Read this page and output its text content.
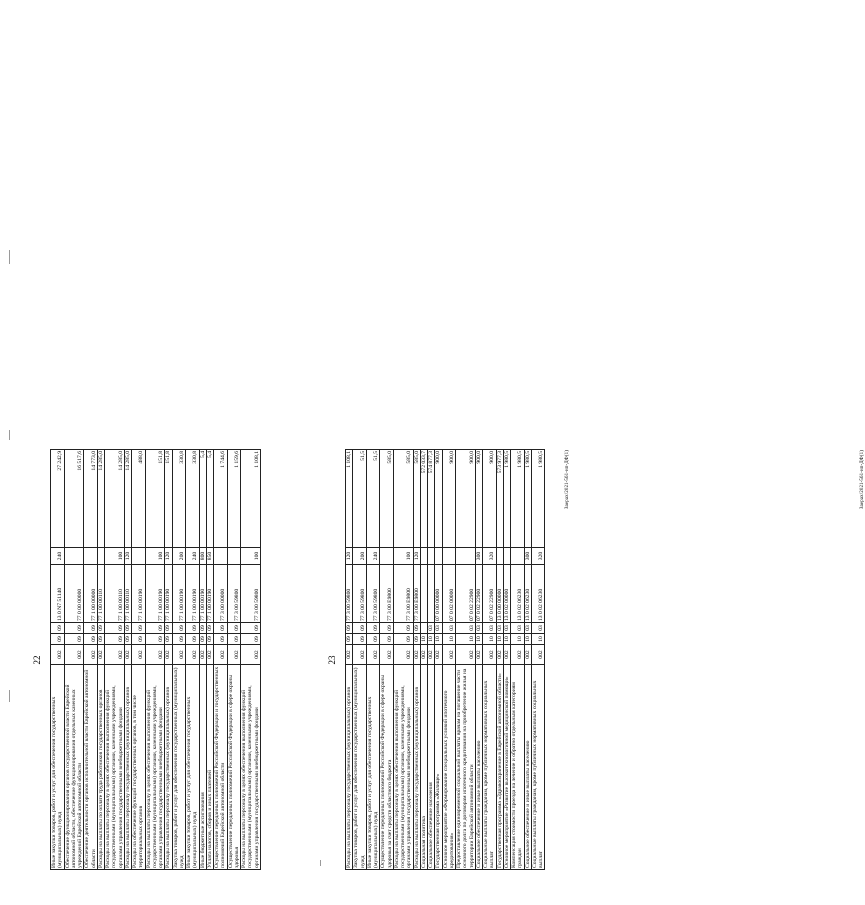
22
Иные закупки товаров, работ и услуг для обеспечения государственных (муниципальных) нужд	002	09	09	13 0 N7 51140	240	27 242,9
Обеспечение функционирования органов государственной власти Еврейской автономной области, обеспечение функционирования отдельных казенных учреждений Еврейской автономной области	002	09	09	77 0 00 00000		16 517,6
Обеспечение деятельности органов исполнительной власти Еврейской автономной области	002	09	09	77 1 00 00000		14 773,0
Расходы на выплаты по оплате труда работников государственных органов	002	09	09	77 1 00 00110		14 285,0
Расходы на выплаты персоналу в целях обеспечения выполнения функций государственными (муниципальными) органами, казенными учреждениями, органами управления государственными внебюджетными фондами	002	09	09	77 1 00 00110	100	14 285,0
Расходы на выплаты персоналу государственных (муниципальных) органов	002	09	09	77 1 00 00110	120	14 285,0
Расходы на обеспечение функций государственных органов, в том числе территориальных органов	002	09	09	77 1 00 00190		488,0
Расходы на выплаты персоналу в целях обеспечения выполнения функций государственными (муниципальными) органами, казенными учреждениями, органами управления государственными внебюджетными фондами	002	09	09	77 1 00 00190	100	151,8
Расходы на выплаты персоналу государственных (муниципальных) органов	002	09	09	77 1 00 00190	120	151,8
Закупка товаров, работ и услуг для обеспечения государственных (муниципальных) нужд	002	09	09	77 1 00 00190	200	330,8
Иные закупки товаров, работ и услуг для обеспечения государственных (муниципальных) нужд	002	09	09	77 1 00 00190	240	330,8
Иные бюджетные ассигнования	002	09	09	77 1 00 00190	800	5,4
Уплата налогов, сборов и иных платежей	002	09	09	77 1 00 00190	850	5,4
Осуществление переданных полномочий Российской Федерации и государственных полномочий Еврейской автономной области	002	09	09	77 3 00 00000		1 744,6
Осуществление переданных полномочий Российской Федерации в сфере охраны здоровья	002	09	09	77 3 00 59800		1 159,6
Расходы на выплаты персоналу в целях обеспечения выполнения функций государственными (муниципальными) органами, казенными учреждениями, органами управления государственными внебюджетными фондами	002	09	09	77 3 00 59800	100	1 108,1	Заерах/2021-561-нп-ДФ(1)
23
Расходы на выплаты персоналу государственных (муниципальных) органов	002	09	09	77 3 00 59800	120	1 108,1
Закупка товаров, работ и услуг для обеспечения государственных (муниципальных) нужд	002	09	09	77 3 00 59800	200	51,5
Иные закупки товаров, работ и услуг для обеспечения государственных (муниципальных) нужд	002	09	09	77 3 00 59800	240	51,5
Осуществление переданных полномочий Российской Федерации в сфере охраны здоровья за счет средств областного бюджета	002	09	09	77 3 00 Е9800		585,0
Расходы на выплаты персоналу в целях обеспечения выполнения функций государственными (муниципальными) органами, казенными учреждениями, органами управления государственными внебюджетными фондами	002	09	09	77 3 00 Е9800	100	585,0
Расходы на выплаты персоналу государственных (муниципальных) органов	002	09	09	77 3 00 Е9800	120	585,0
Социальная политика	002	10				572 033,7
Социальное обеспечение населения	002	10	03			574 877,3
Государственная программа «Жилище»	002	10	03	07 0 00 00000		900,0
Основное мероприятие «Формирование специальных условий ипотечного кредитования»	002	10	03	07 0 02 00000		900,0
Предоставление единовременной социальной выплаты врачам на погашение части основного долга по договорам ипотечного кредитования на приобретение жилья на территории Еврейской автономной области	002	10	03	07 0 02 22900		900,0
Социальное обеспечение и иные выплаты населению	002	10	03	07 0 02 22900	300	900,0
Социальные выплаты гражданам, кроме публичных нормативных социальных выплат	002	10	03	07 0 02 22900	320	900,0
Государственная программа «Здравоохранение в Еврейской автономной области»	002	10	03	13 0 00 00000		573 977,3
Основное мероприятие «Развитие высокотехнологичной медицинской помощи»	002	10	03	13 0 02 00000		1 980,5
Компенсация стоимости проезда на лечение и обратно отдельным категориям граждан	002	10	03	13 0 02 06230		1 980,5
Социальное обеспечение и иные выплаты населению	002	10	03	13 0 02 06230	300	1 980,5
Социальные выплаты гражданам, кроме публичных нормативных социальных выплат	002	10	03	13 0 02 06230	320	1 980,5	Заерах/2021-561-нп-ДФ(1)
